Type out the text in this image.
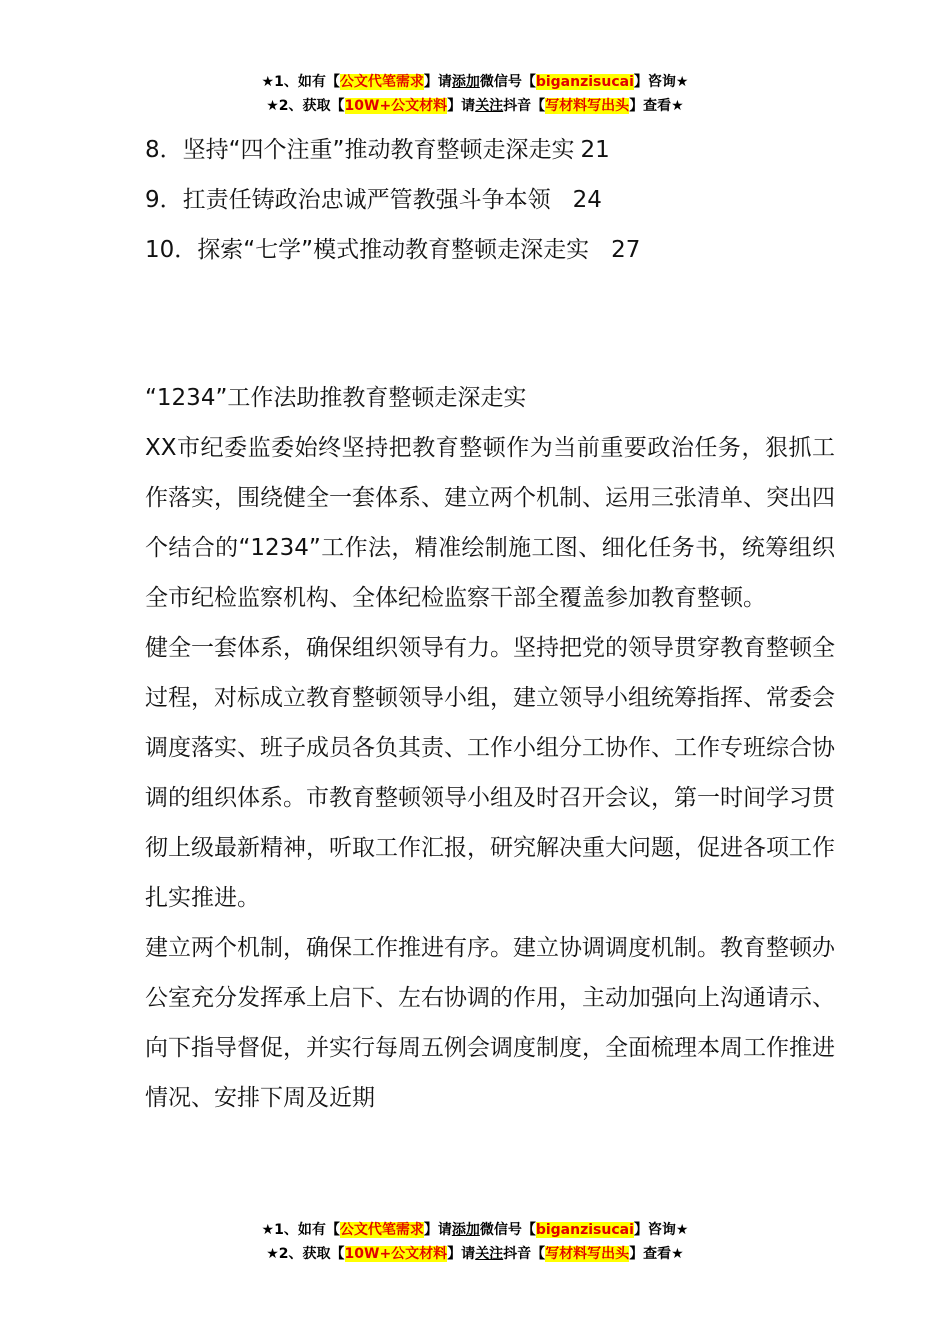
★1、如有【公文代笔需求】请添加微信号【biganzisucai】咨询★
★2、获取【10W+公文材料】请关注抖音【写材料写出头】查看★
8．坚持“四个注重”推动教育整顿走深走实 21
9．扛责任铸政治忠诚严管教强斗争本领 24
10．探索“七学”模式推动教育整顿走深走实 27

“1234”工作法助推教育整顿走深走实

XX市纪委监委始终坚持把教育整顿作为当前重要政治任务，狠抓工作落实，围绕健全一套体系、建立两个机制、运用三张清单、突出四个结合的“1234”工作法，精准绘制施工图、细化任务书，统筹组织全市纪检监察机构、全体纪检监察干部全覆盖参加教育整顿。

健全一套体系，确保组织领导有力。坚持把党的领导贯穿教育整顿全过程，对标成立教育整顿领导小组，建立领导小组统筹指挥、常委会调度落实、班子成员各负其责、工作小组分工协作、工作专班综合协调的组织体系。市教育整顿领导小组及时召开会议，第一时间学习贯彻上级最新精神，听取工作汇报，研究解决重大问题，促进各项工作扎实推进。

建立两个机制，确保工作推进有序。建立协调调度机制。教育整顿办公室充分发挥承上启下、左右协调的作用，主动加强向上沟通请示、向下指导督促，并实行每周五例会调度制度，全面梳理本周工作推进情况、安排下周及近期

★1、如有【公文代笔需求】请添加微信号【biganzisucai】咨询★
★2、获取【10W+公文材料】请关注抖音【写材料写出头】查看★
